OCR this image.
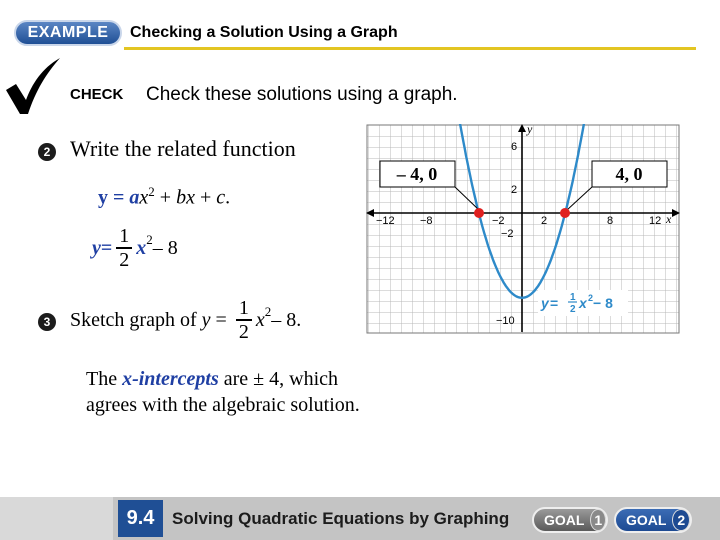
EXAMPLE	Checking a Solution Using a Graph
CHECK Check these solutions using a graph.
2 Write the related function
$y = ax^2$ + bx + c.
$y = \frac{1}{2} x^2 - 8$
3 Sketch graph of $y = \frac{1}{2} x^2 - 8$.
The x-intercepts are ± 4, which
agrees with the algebraic solution.
y
x
−12 −8	−2	2	8	12
6
2
−2
−10
– 4, 0	4, 0
y = 1
2 x 2 − 8
9.4	Solving Quadratic Equations by Graphing GOAL 1 GOAL 2
